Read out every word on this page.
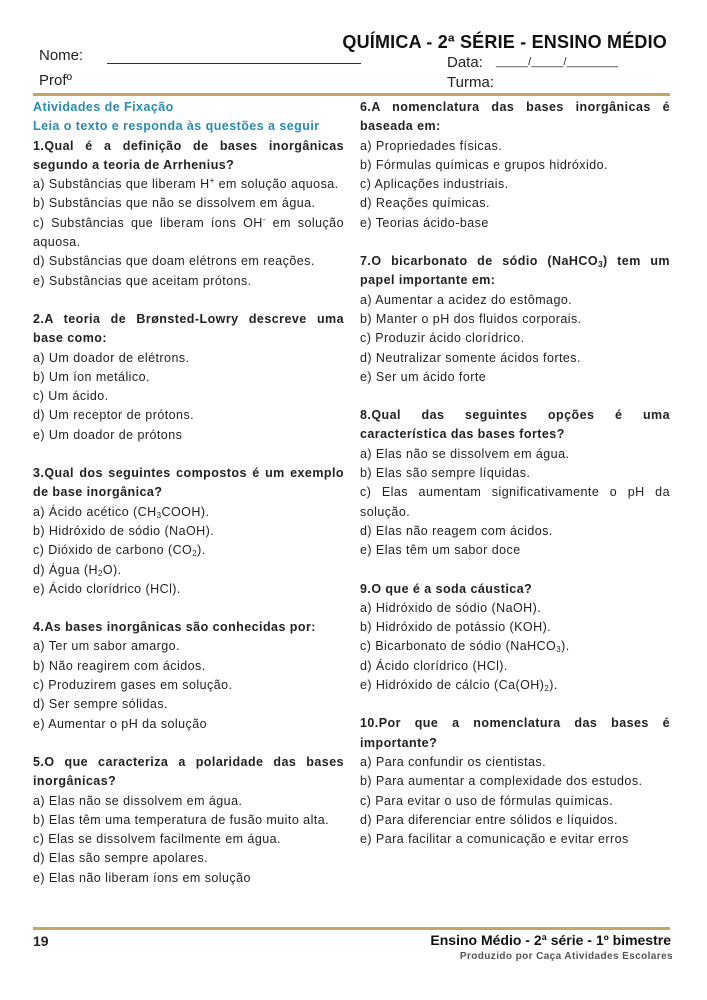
QUÍMICA - 2ª SÉRIE - ENSINO MÉDIO
Nome:	Data: _____/_____/________
Profº	Turma:
Atividades de Fixação
Leia o texto e responda às questões a seguir
1.Qual é a definição de bases inorgânicas segundo a teoria de Arrhenius?
a) Substâncias que liberam H+ em solução aquosa.
b) Substâncias que não se dissolvem em água.
c) Substâncias que liberam íons OH- em solução aquosa.
d) Substâncias que doam elétrons em reações.
e) Substâncias que aceitam prótons.
2.A teoria de Brønsted-Lowry descreve uma base como:
a) Um doador de elétrons.
b) Um íon metálico.
c) Um ácido.
d) Um receptor de prótons.
e) Um doador de prótons
3.Qual dos seguintes compostos é um exemplo de base inorgânica?
a) Ácido acético $(CH_3COOH)$.
b) Hidróxido de sódio (NaOH).
c) Dióxido de carbono $(CO_2)$.
d) Água $(H_2O)$.
e) Ácido clorídrico (HCl).
4.As bases inorgânicas são conhecidas por:
a) Ter um sabor amargo.
b) Não reagirem com ácidos.
c) Produzirem gases em solução.
d) Ser sempre sólidas.
e) Aumentar o pH da solução
5.O que caracteriza a polaridade das bases inorgânicas?
a) Elas não se dissolvem em água.
b) Elas têm uma temperatura de fusão muito alta.
c) Elas se dissolvem facilmente em água.
d) Elas são sempre apolares.
e) Elas não liberam íons em solução
6.A nomenclatura das bases inorgânicas é baseada em:
a) Propriedades físicas.
b) Fórmulas químicas e grupos hidróxido.
c) Aplicações industriais.
d) Reações químicas.
e) Teorias ácido-base
7.O bicarbonato de sódio (NaHCO$_3$) tem um papel importante em:
a) Aumentar a acidez do estômago.
b) Manter o pH dos fluidos corporais.
c) Produzir ácido clorídrico.
d) Neutralizar somente ácidos fortes.
e) Ser um ácido forte
8.Qual das seguintes opções é uma característica das bases fortes?
a) Elas não se dissolvem em água.
b) Elas são sempre líquidas.
c) Elas aumentam significativamente o pH da solução.
d) Elas não reagem com ácidos.
e) Elas têm um sabor doce
9.O que é a soda cáustica?
a) Hidróxido de sódio (NaOH).
b) Hidróxido de potássio (KOH).
c) Bicarbonato de sódio (NaHCO$_3$).
d) Ácido clorídrico (HCl).
e) Hidróxido de cálcio $(Ca(OH)_2)$.
10.Por que a nomenclatura das bases é importante?
a) Para confundir os cientistas.
b) Para aumentar a complexidade dos estudos.
c) Para evitar o uso de fórmulas químicas.
d) Para diferenciar entre sólidos e líquidos.
e) Para facilitar a comunicação e evitar erros
19	Ensino Médio - 2ª série - 1º bimestre
Produzido por Caça Atividades Escolares
